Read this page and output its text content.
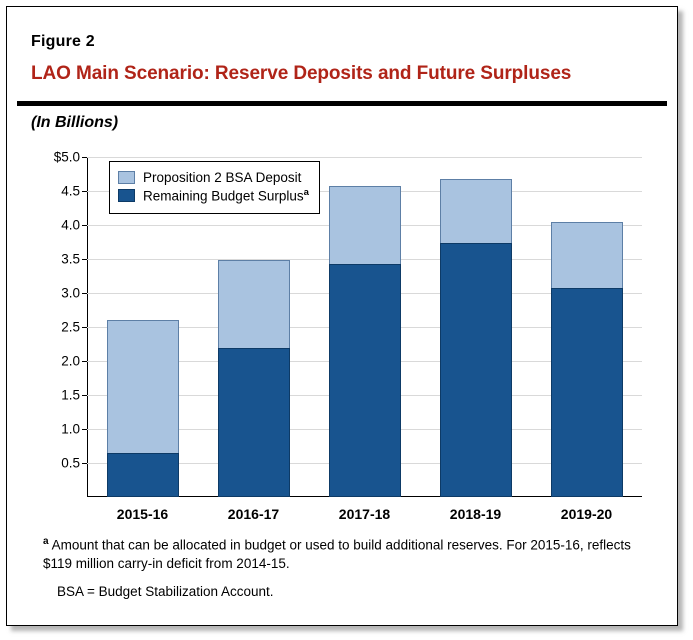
Figure 2
LAO Main Scenario: Reserve Deposits and Future Surpluses
(In Billions)
$5.0
4.5
4.0
3.5
3.0
2.5
2.0
1.5
1.0
0.5
2015-16	2016-17	2017-18	2018-19	2019-20
Proposition 2 BSA Deposit
Remaining Budget Surplus$^a$
$^a$ Amount that can be allocated in budget or used to build additional reserves. For 2015-16, reflects $119 million carry-in deficit from 2014-15.
BSA = Budget Stabilization Account.
